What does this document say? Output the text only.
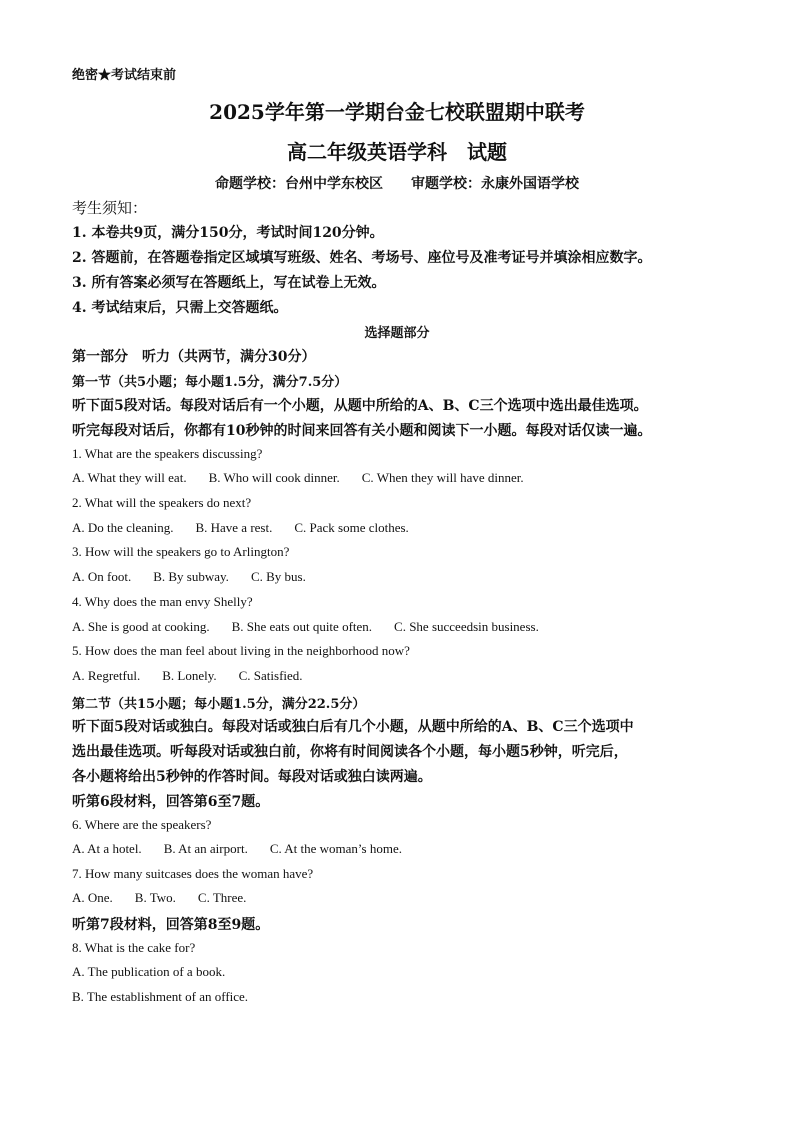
绝密★考试结束前
2025学年第一学期台金七校联盟期中联考
高二年级英语学科　试题
命题学校：台州中学东校区　　审题学校：永康外国语学校
考生须知：
1. 本卷共9页，满分150分，考试时间120分钟。
2. 答题前，在答题卷指定区域填写班级、姓名、考场号、座位号及准考证号并填涂相应数字。
3. 所有答案必须写在答题纸上，写在试卷上无效。
4. 考试结束后，只需上交答题纸。
选择题部分
第一部分　听力（共两节，满分30分）
第一节（共5小题；每小题1.5分，满分7.5分）
听下面5段对话。每段对话后有一个小题，从题中所给的A、B、C三个选项中选出最佳选项。
听完每段对话后，你都有10秒钟的时间来回答有关小题和阅读下一小题。每段对话仅读一遍。
1. What are the speakers discussing?
A. What they will eat. B. Who will cook dinner. C. When they will have dinner.
2. What will the speakers do next?
A. Do the cleaning. B. Have a rest. C. Pack some clothes.
3. How will the speakers go to Arlington?
A. On foot. B. By subway. C. By bus.
4. Why does the man envy Shelly?
A. She is good at cooking. B. She eats out quite often. C. She succeedsin business.
5. How does the man feel about living in the neighborhood now?
A. Regretful. B. Lonely. C. Satisfied.
第二节（共15小题；每小题1.5分，满分22.5分）
听下面5段对话或独白。每段对话或独白后有几个小题，从题中所给的A、B、C三个选项中
选出最佳选项。听每段对话或独白前，你将有时间阅读各个小题，每小题5秒钟，听完后，
各小题将给出5秒钟的作答时间。每段对话或独白读两遍。
听第6段材料，回答第6至7题。
6. Where are the speakers?
A. At a hotel. B. At an airport. C. At the woman’s home.
7. How many suitcases does the woman have?
A. One. B. Two. C. Three.
听第7段材料，回答第8至9题。
8. What is the cake for?
A. The publication of a book.
B. The establishment of an office.
